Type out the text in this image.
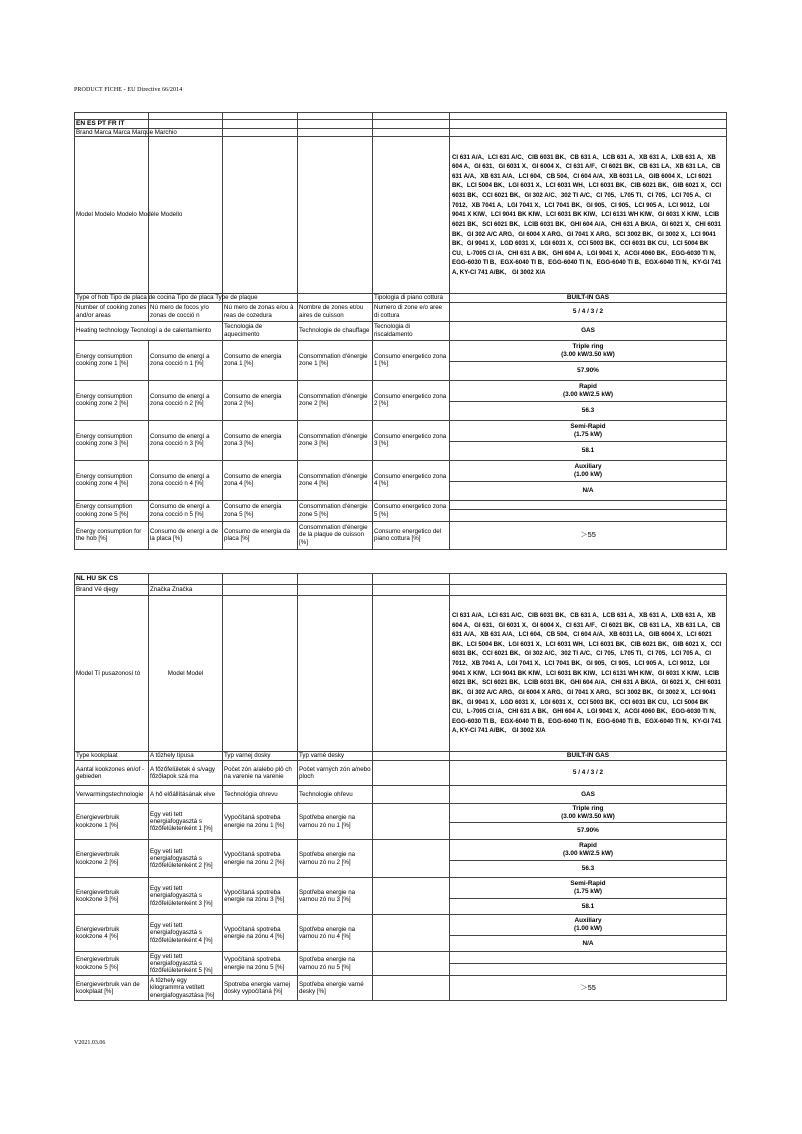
PRODUCT FICHE - EU Directive 66/2014

EN ES PT FR IT					
Brand Marca Marca Marque Marchio					
Model Modelo Modelo Modèle Modello					CI 631 A/A、LCI 631 A/C、CIB 6031 BK、CB 631 A、LCB 631 A、XB 631 A、LXB 631 A、XB 604 A、GI 631、GI 6031 X、GI 6004 X、CI 631 A/F、CI 6021 BK、CB 631 LA、XB 631 LA、CB 631 A/A、XB 631 A/A、LCI 604、CB 504、CI 604 A/A、XB 6031 LA、GIB 6004 X、LCI 6021 BK、LCI 5004 BK、LGI 6031 X、LCI 6031 WH、LCI 6031 BK、CIB 6021 BK、GIB 6021 X、CCI 6031 BK、CCI 6021 BK、GI 302 A/C、302 TI A/C、CI 705、L705 TI、CI 705、LCI 705 A、CI 7012、XB 7041 A、LGI 7041 X、LCI 7041 BK、GI 905、CI 905、LCI 905 A、LCI 9012、LGI 9041 X KIW、LCI 9041 BK KIW、LCI 6031 BK KIW、LCI 6131 WH KIW、GI 6031 X KIW、LCIB 6021 BK、SCI 6021 BK、LCIB 6031 BK、GHI 604 A/A、CHI 631 A BK/A、GI 6021 X、CHI 6031 BK、GI 302 A/C ARG、GI 6004 X ARG、GI 7041 X ARG、SCI 3002 BK、GI 3002 X、LCI 9041 BK、GI 9041 X、LGD 6031 X、LGI 6031 X、CCI 5003 BK、CCI 6031 BK CU、LCI 5004 BK CU、L-7005 CI /A、CHI 631 A BK、GHI 604 A、LGI 9041 X、ACGI 4060 BK、EGG-6030 TI N、EGG-6030 TI B、EGX-6040 TI B、EGG-6040 TI N、EGG-6040 TI B、EGX-6040 TI N、KY-GI 741 A, KY-CI 741 A/BK、 GI 3002 X/A
Type of hob Tipo de placa de cocina Tipo de placa Type de plaque				Tipologia di piano cottura	BUILT-IN GAS
Number of cooking zones and/or areas	Nú mero de focos y/o zonas de cocció n	Nú mero de zonas e/ou à reas de cozedura	Nombre de zones et/ou aires de cuisson	Numero di zone e/o aree di cottura	5 / 4 / 3 / 2
Heating technology Tecnologí a de calentamiento		Tecnologia de aquecimento	Technologie de chauffage	Tecnologia di riscaldamento	GAS
Energy consumption cooking zone 1 [%]	Consumo de energí a zona cocció n 1 [%]	Consumo de energia zona 1 [%]	Consommation d'énergie zone 1 [%]	Consumo energetico zona 1 [%]	Triple ring
(3.00 kW/3.50 kW)
					57.90%
Energy consumption cooking zone 2 [%]	Consumo de energí a zona cocció n 2 [%]	Consumo de energia zona 2 [%]	Consommation d'énergie zone 2 [%]	Consumo energetico zona 2 [%]	Rapid
(3.00 kW/2.5 kW)
					56.3
Energy consumption cooking zone 3 [%]	Consumo de energí a zona cocció n 3 [%]	Consumo de energia zona 3 [%]	Consommation d'énergie zone 3 [%]	Consumo energetico zona 3 [%]	Semi-Rapid
(1.75 kW)
					58.1
Energy consumption cooking zone 4 [%]	Consumo de energí a zona cocció n 4 [%]	Consumo de energia zona 4 [%]	Consommation d'énergie zone 4 [%]	Consumo energetico zona 4 [%]	Auxiliary
(1.00 kW)
					N/A
Energy consumption cooking zone 5 [%]	Consumo de energí a zona cocció n 5 [%]	Consumo de energia zona 5 [%]	Consommation d'énergie zone 5 [%]	Consumo energetico zona 5 [%]	

Energy consumption for the hob [%]	Consumo de energí a de la placa [%]	Consumo de energia da placa [%]	Consommation d'énergie de la plaque de cuisson [%]	Consumo energetico del piano cottura [%]	＞55
NL HU SK CS					
Brand Vé djegy	Značka Značka				
Model Tí pusazonosí tó	Model Model				CI 631 A/A、LCI 631 A/C、CIB 6031 BK、CB 631 A、LCB 631 A、XB 631 A、LXB 631 A、XB 604 A、GI 631、GI 6031 X、GI 6004 X、CI 631 A/F、CI 6021 BK、CB 631 LA、XB 631 LA、CB 631 A/A、XB 631 A/A、LCI 604、CB 504、CI 604 A/A、XB 6031 LA、GIB 6004 X、LCI 6021 BK、LCI 5004 BK、LGI 6031 X、LCI 6031 WH、LCI 6031 BK、CIB 6021 BK、GIB 6021 X、CCI 6031 BK、CCI 6021 BK、GI 302 A/C、302 TI A/C、CI 705、L705 TI、CI 705、LCI 705 A、CI 7012、XB 7041 A、LGI 7041 X、LCI 7041 BK、GI 905、CI 905、LCI 905 A、LCI 9012、LGI 9041 X KIW、LCI 9041 BK KIW、LCI 6031 BK KIW、LCI 6131 WH KIW、GI 6031 X KIW、LCIB 6021 BK、SCI 6021 BK、LCIB 6031 BK、GHI 604 A/A、CHI 631 A BK/A、GI 6021 X、CHI 6031 BK、GI 302 A/C ARG、GI 6004 X ARG、GI 7041 X ARG、SCI 3002 BK、GI 3002 X、LCI 9041 BK、GI 9041 X、LGD 6031 X、LGI 6031 X、CCI 5003 BK、CCI 6031 BK CU、LCI 5004 BK CU、L-7005 CI /A、CHI 631 A BK、GHI 604 A、LGI 9041 X、ACGI 4060 BK、EGG-6030 TI N、EGG-6030 TI B、EGX-6040 TI B、EGG-6040 TI N、EGG-6040 TI B、EGX-6040 TI N、KY-GI 741 A, KY-CI 741 A/BK、 GI 3002 X/A
Type kookplaat	A tűzhely típusa	Typ varnej dosky	Typ varné desky		BUILT-IN GAS
Aantal kookzones en/of -gebieden	A főzőfelületek é s/vagy főzőlapok szá ma	Počet zón a/alebo plô ch na varenie na varenie	Počet varných zón a/nebo ploch		5 / 4 / 3 / 2
Verwarmingstechnologie	A hő előállításának elve	Technológia ohrevu	Technologie ohřevu		GAS
Energieverbruik kookzone 1 [%]	Egy veti tett energiafogyasztá s főzőfelületenként 1 [%]	Vypočítaná spotreba energie na zónu 1 [%]	Spotřeba energie na varnou zó nu 1 [%]		Triple ring
(3.00 kW/3.50 kW)
					57.90%
Energieverbruik kookzone 2 [%]	Egy veti tett energiafogyasztá s főzőfelületenként 2 [%]	Vypočítaná spotreba energie na zónu 2 [%]	Spotřeba energie na varnou zó nu 2 [%]		Rapid
(3.00 kW/2.5 kW)
					56.3
Energieverbruik kookzone 3 [%]	Egy veti tett energiafogyasztá s főzőfelületenként 3 [%]	Vypočítaná spotreba energie na zónu 3 [%]	Spotřeba energie na varnou zó nu 3 [%]		Semi-Rapid
(1.75 kW)
					58.1
Energieverbruik kookzone 4 [%]	Egy veti tett energiafogyasztá s főzőfelületenként 4 [%]	Vypočítaná spotreba energie na zónu 4 [%]	Spotřeba energie na varnou zó nu 4 [%]		Auxiliary
(1.00 kW)
					N/A
Energieverbruik kookzone 5 [%]	Egy veti tett energiafogyasztá s főzőfelületenként 5 [%]	Vypočítaná spotreba energie na zónu 5 [%]	Spotřeba energie na varnou zó nu 5 [%]		

Energieverbruik van de kookplaat [%]	A tűzhely egy kilogrammra vetített energiafogyasztása [%]	Spotreba energie varnej dosky vypočítaná [%]	Spotřeba energie varné desky [%]		＞55
V2021.03.06
